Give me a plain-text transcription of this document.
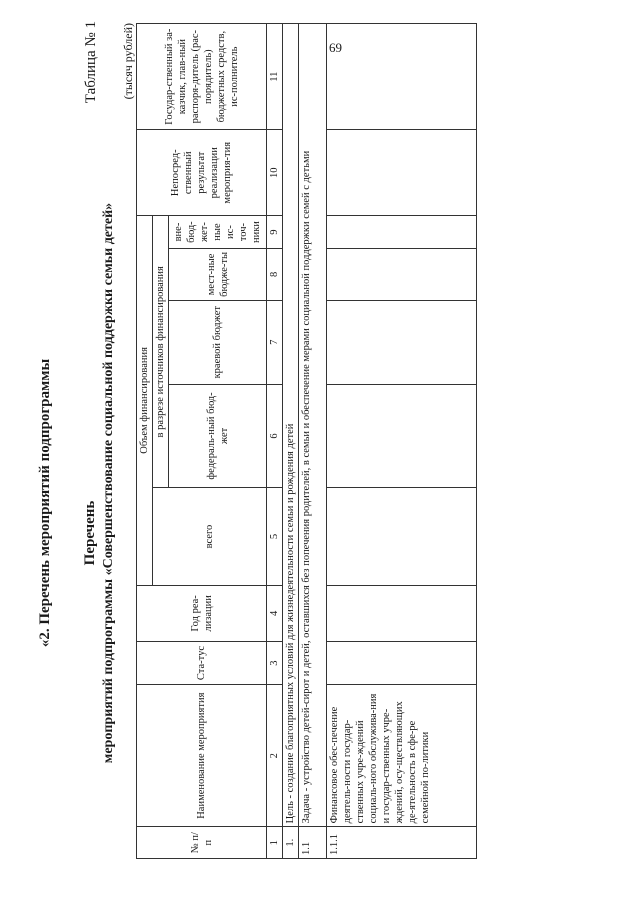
69
«2. Перечень мероприятий подпрограммы
Таблица № 1
Перечень мероприятий подпрограммы «Совершенствование социальной поддержки семьи детей»
(тысяч рублей)
№ п/п	Наименование мероприятия	Ста-тус	Год реа-лизации	Объем финансирования					Непосред-ственный результат реализации мероприя-тия	Государ-ственный за-казчик, глав-ный распоря-дитель (рас-порядитель) бюджетных средств, ис-полнитель
				всего	в разрезе источников финансирования					
					федераль-ный бюд-жет	краевой бюджет	мест-ные бюдже-ты	вне-бюд-жет-ные ис-точ-ники		
1	2	3	4	5	6	7	8	9	10	11
1.	Цель - создание благоприятных условий для жизнедеятельности семьи и рождения детей									
1.1	Задача - устройство детей-сирот и детей, оставшихся без попечения родителей, в семьи и обеспечение мерами социальной поддержки семей с детьми									
1.1.1	Финансовое обес-печение деятель-ности государ-ственных учре-ждений социаль-ного обслужива-ния и государ-ственных учре-ждений, осу-ществляющих де-ятельность в сфе-ре семейной по-литики									
